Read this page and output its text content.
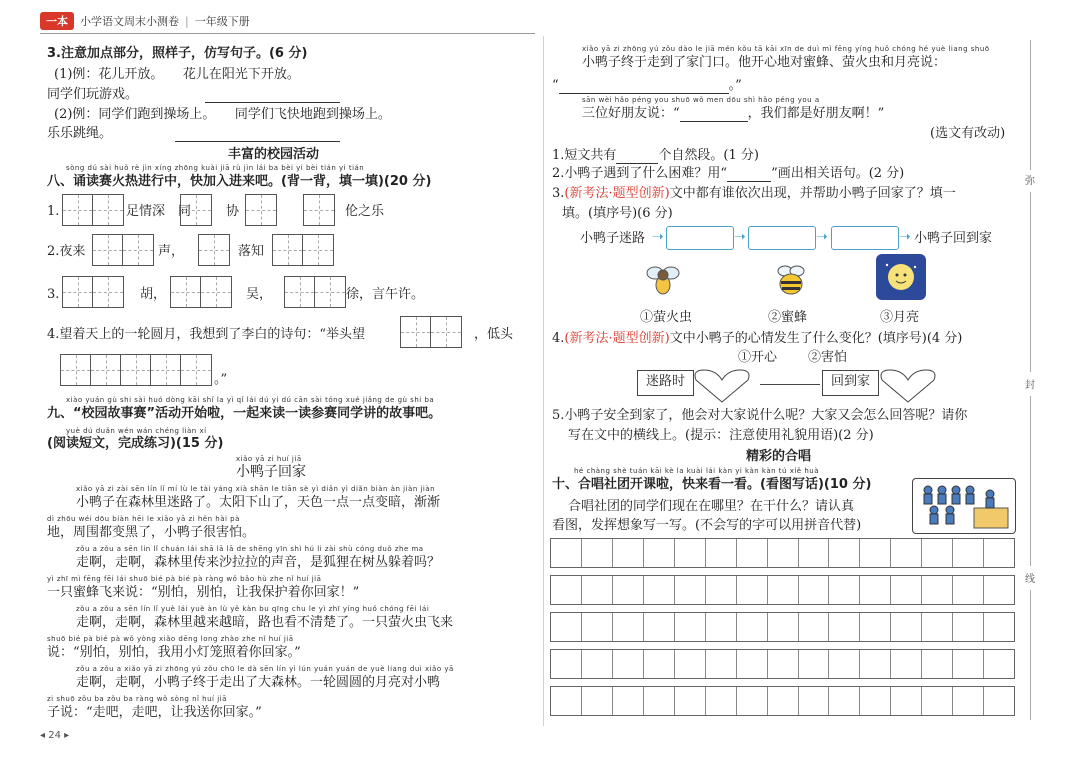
一本	小学语文周末小测卷 | 一年级下册
3.注意加点部分，照样子，仿写句子。(6 分)
(1)例：花儿开放。　　花儿在阳光下开放。
同学们玩游戏。
(2)例：同学们跑到操场上。　　同学们飞快地跑到操场上。
乐乐跳绳。
丰富的校园活动
sòng dú sài huǒ rè jìn xíng zhōng kuài jiā rù jìn lái ba bèi yi bèi tián yi tián
八、诵读赛火热进行中，快加入进来吧。(背一背，填一填)(20 分)
1.	足情深　同	协	伦之乐
2.夜来	声，	落知
3.	胡，	吴，	徐，言午许。
4.望着天上的一轮圆月，我想到了李白的诗句：“举头望	，低头
。”
xiào yuán gù shi sài huó dòng kāi shǐ la yì qǐ lái dú yi dú cān sài tóng xué jiǎng de gù shi ba
九、“校园故事赛”活动开始啦，一起来读一读参赛同学讲的故事吧。
yuè dú duǎn wén wán chéng liàn xí
(阅读短文，完成练习)(15 分)
xiǎo yā zi huí jiā
小鸭子回家
xiǎo yā zi zài sēn lín lǐ mí lù le tài yáng xià shān le tiān sè yì diǎn yì diǎn biàn àn jiàn jiàn
小鸭子在森林里迷路了。太阳下山了，天色一点一点变暗，渐渐
dì zhōu wéi dōu biàn hēi le xiǎo yā zi hěn hài pà
地，周围都变黑了，小鸭子很害怕。
zǒu a zǒu a sēn lín lǐ chuán lái shā lā lā de shēng yīn shì hú li zài shù cóng duǒ zhe ma
走啊，走啊，森林里传来沙拉拉的声音，是狐狸在树丛躲着吗？
yì zhī mì fēng fēi lái shuō bié pà bié pà ràng wǒ bǎo hù zhe nǐ huí jiā
一只蜜蜂飞来说：“别怕，别怕，让我保护着你回家！”
zǒu a zǒu a sēn lín lǐ yuè lái yuè àn lù yě kàn bu qīng chu le yì zhī yíng huǒ chóng fēi lái
走啊，走啊，森林里越来越暗，路也看不清楚了。一只萤火虫飞来
shuō bié pà bié pà wǒ yòng xiǎo dēng long zhào zhe nǐ huí jiā
说：“别怕，别怕，我用小灯笼照着你回家。”
zǒu a zǒu a xiǎo yā zi zhōng yú zǒu chū le dà sēn lín yì lún yuán yuán de yuè liang duì xiǎo yā
走啊，走啊，小鸭子终于走出了大森林。一轮圆圆的月亮对小鸭
zi shuō zǒu ba zǒu ba ràng wǒ sòng nǐ huí jiā
子说：“走吧，走吧，让我送你回家。”
xiǎo yā zi zhōng yú zǒu dào le jiā mén kǒu tā kāi xīn de duì mì fēng yíng huǒ chóng hé yuè liang shuō
小鸭子终于走到了家门口。他开心地对蜜蜂、萤火虫和月亮说：
“	。”
sān wèi hǎo péng you shuō wǒ men dōu shì hǎo péng you a
三位好朋友说：“	，我们都是好朋友啊！”
(选文有改动)
1.短文共有	个自然段。(1 分)
2.小鸭子遇到了什么困难？用“	”画出相关语句。(2 分)
3.(新考法·题型创新)文中都有谁依次出现，并帮助小鸭子回家了？填一
填。(填序号)(6 分)
小鸭子迷路 ➝	➝	➝	➝ 小鸭子回到家
①萤火虫	②蜜蜂	③月亮
4.(新考法·题型创新)文中小鸭子的心情发生了什么变化？(填序号)(4 分)
①开心 ②害怕
迷路时	回到家
5.小鸭子安全到家了，他会对大家说什么呢？大家又会怎么回答呢？请你
写在文中的横线上。(提示：注意使用礼貌用语)(2 分)
精彩的合唱
hé chàng shè tuán kāi kè la kuài lái kàn yi kàn kàn tú xiě huà
十、合唱社团开课啦，快来看一看。(看图写话)(10 分)
合唱社团的同学们现在在哪里？在干什么？请认真
看图，发挥想象写一写。(不会写的字可以用拼音代替)
弥
封
线
◂ 24 ▸
